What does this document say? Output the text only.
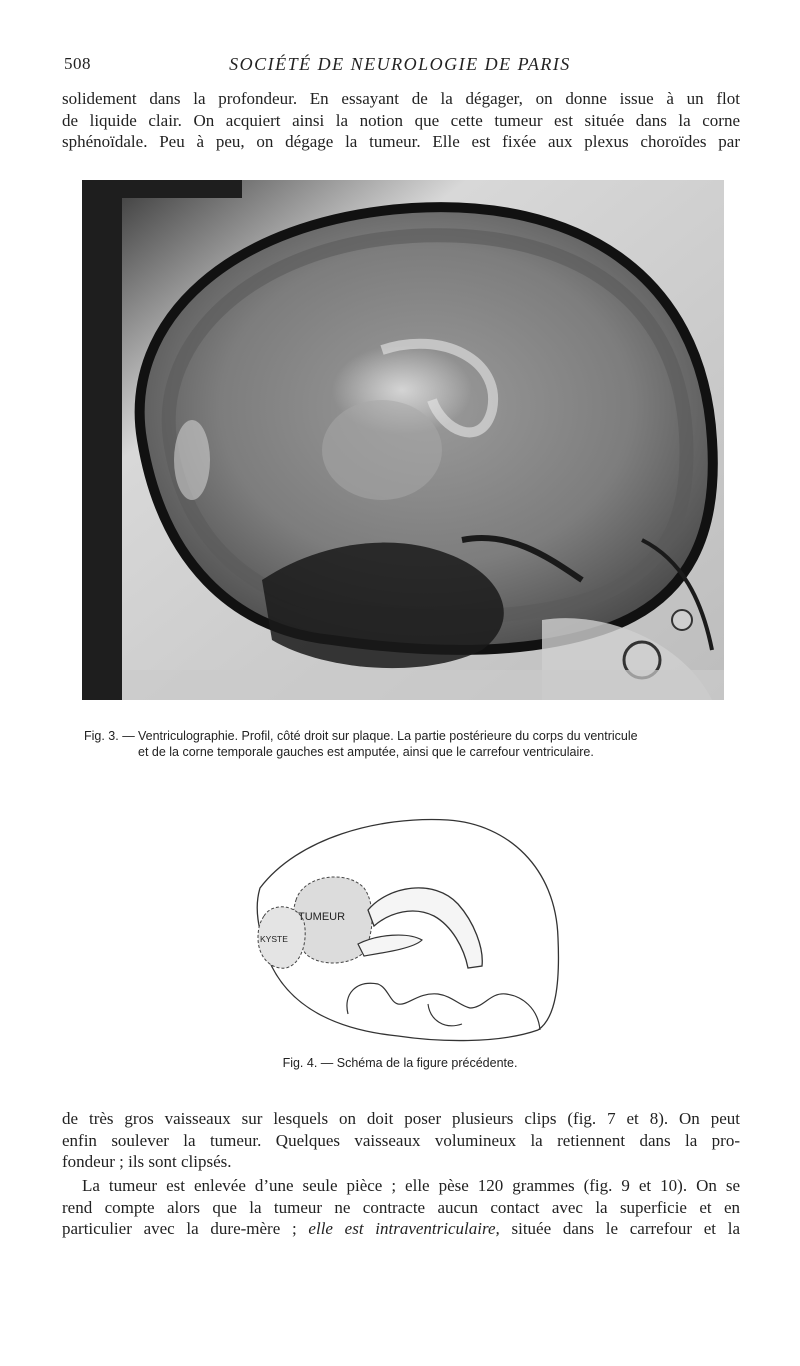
508	SOCIÉTÉ DE NEUROLOGIE DE PARIS

solidement dans la profondeur. En essayant de la dégager, on donne issue à un flot
de liquide clair. On acquiert ainsi la notion que cette tumeur est située dans la corne
sphénoïdale. Peu à peu, on dégage la tumeur. Elle est fixée aux plexus choroïdes par

Fig. 3. — Ventriculographie. Profil, côté droit sur plaque. La partie postérieure du corps du ventricule
et de la corne temporale gauches est amputée, ainsi que le carrefour ventriculaire.

TUMEUR
KYSTE
Fig. 4. — Schéma de la figure précédente.

de très gros vaisseaux sur lesquels on doit poser plusieurs clips (fig. 7 et 8). On peut
enfin soulever la tumeur. Quelques vaisseaux volumineux la retiennent dans la pro-
fondeur ; ils sont clipsés.

La tumeur est enlevée d’une seule pièce ; elle pèse 120 grammes (fig. 9 et 10). On se
rend compte alors que la tumeur ne contracte aucun contact avec la superficie et en
particulier avec la dure-mère ; elle est intraventriculaire, située dans le carrefour et la
